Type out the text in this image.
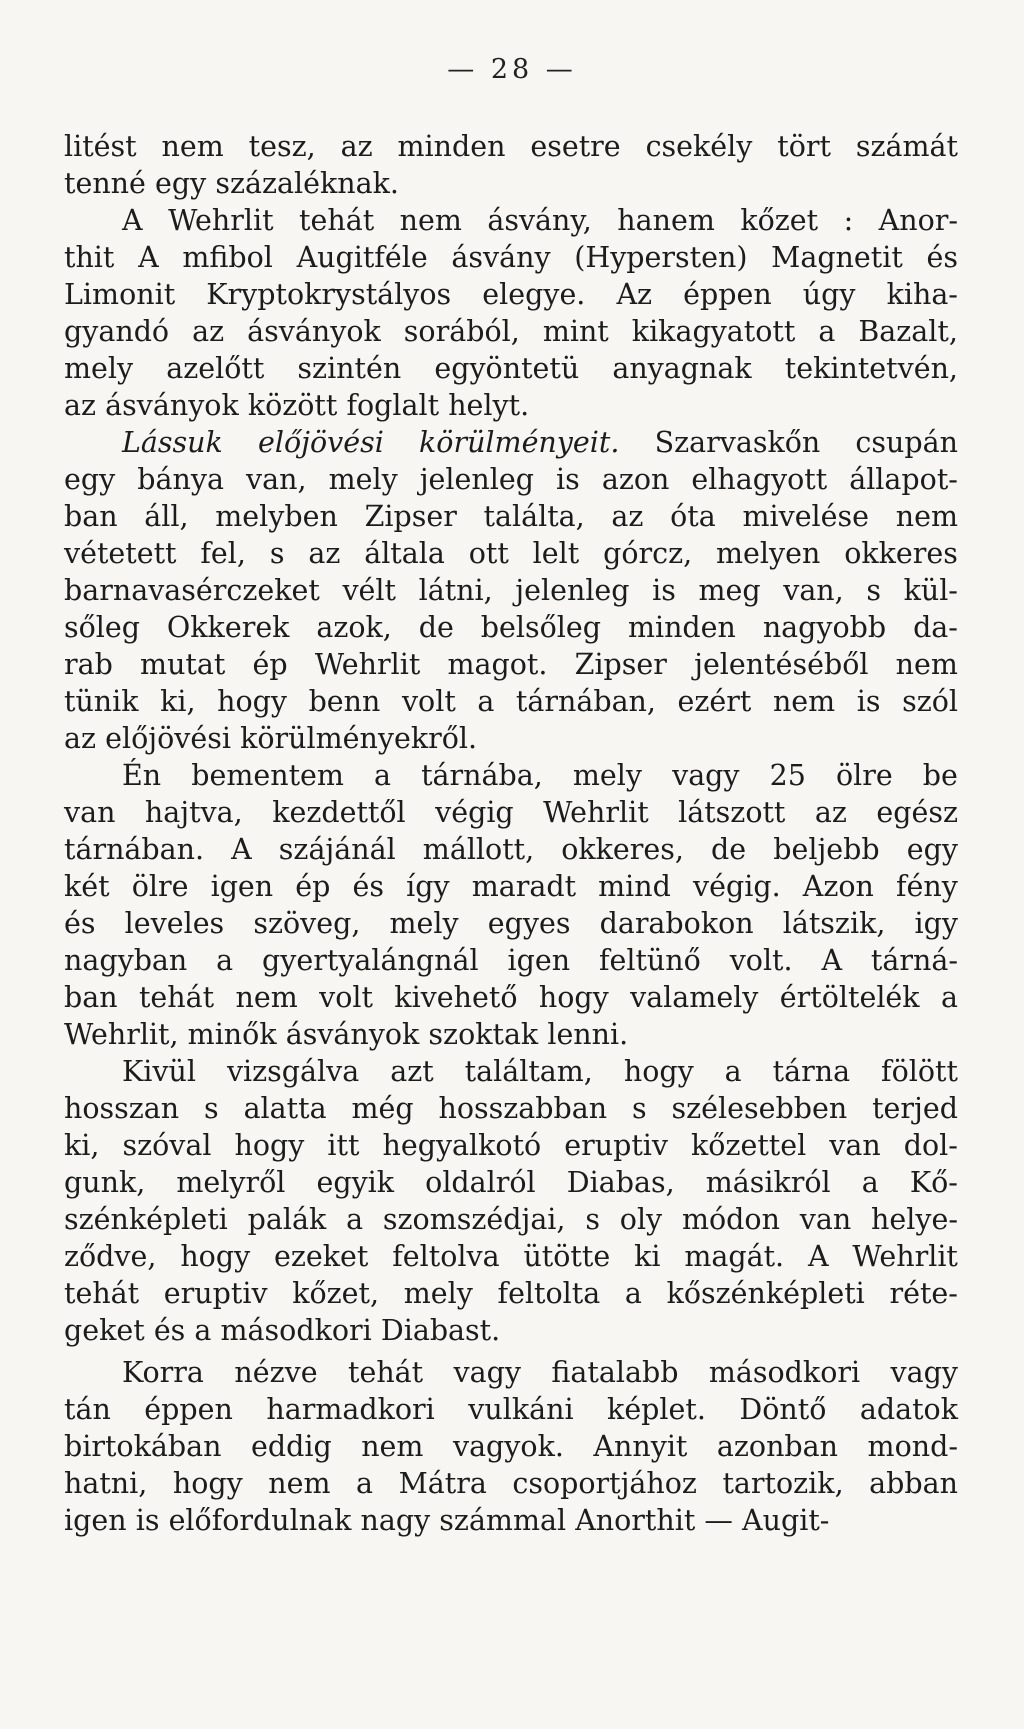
— 28 —
litést nem tesz, az minden esetre csekély tört számát
tenné egy százaléknak.
A Wehrlit tehát nem ásvány, hanem kőzet : Anor-
thit A mfibol Augitféle ásvány (Hypersten) Magnetit és
Limonit Kryptokrystályos elegye. Az éppen úgy kiha-
gyandó az ásványok sorából, mint kikagyatott a Bazalt,
mely azelőtt szintén egyöntetü anyagnak tekintetvén,
az ásványok között foglalt helyt.
Lássuk előjövési körülményeit. Szarvaskőn csupán
egy bánya van, mely jelenleg is azon elhagyott állapot-
ban áll, melyben Zipser találta, az óta mivelése nem
vétetett fel, s az általa ott lelt górcz, melyen okkeres
barnavasérczeket vélt látni, jelenleg is meg van, s kül-
sőleg Okkerek azok, de belsőleg minden nagyobb da-
rab mutat ép Wehrlit magot. Zipser jelentéséből nem
tünik ki, hogy benn volt a tárnában, ezért nem is szól
az előjövési körülményekről.
Én bementem a tárnába, mely vagy 25 ölre be
van hajtva, kezdettől végig Wehrlit látszott az egész
tárnában. A szájánál mállott, okkeres, de beljebb egy
két ölre igen ép és így maradt mind végig. Azon fény
és leveles szöveg, mely egyes darabokon látszik, igy
nagyban a gyertyalángnál igen feltünő volt. A tárná-
ban tehát nem volt kivehető hogy valamely értöltelék a
Wehrlit, minők ásványok szoktak lenni.
Kivül vizsgálva azt találtam, hogy a tárna fölött
hosszan s alatta még hosszabban s szélesebben terjed
ki, szóval hogy itt hegyalkotó eruptiv kőzettel van dol-
gunk, melyről egyik oldalról Diabas, másikról a Kő-
szénképleti palák a szomszédjai, s oly módon van helye-
ződve, hogy ezeket feltolva ütötte ki magát. A Wehrlit
tehát eruptiv kőzet, mely feltolta a kőszénképleti réte-
geket és a másodkori Diabast.
Korra nézve tehát vagy fiatalabb másodkori vagy
tán éppen harmadkori vulkáni képlet. Döntő adatok
birtokában eddig nem vagyok. Annyit azonban mond-
hatni, hogy nem a Mátra csoportjához tartozik, abban
igen is előfordulnak nagy számmal Anorthit — Augit-
